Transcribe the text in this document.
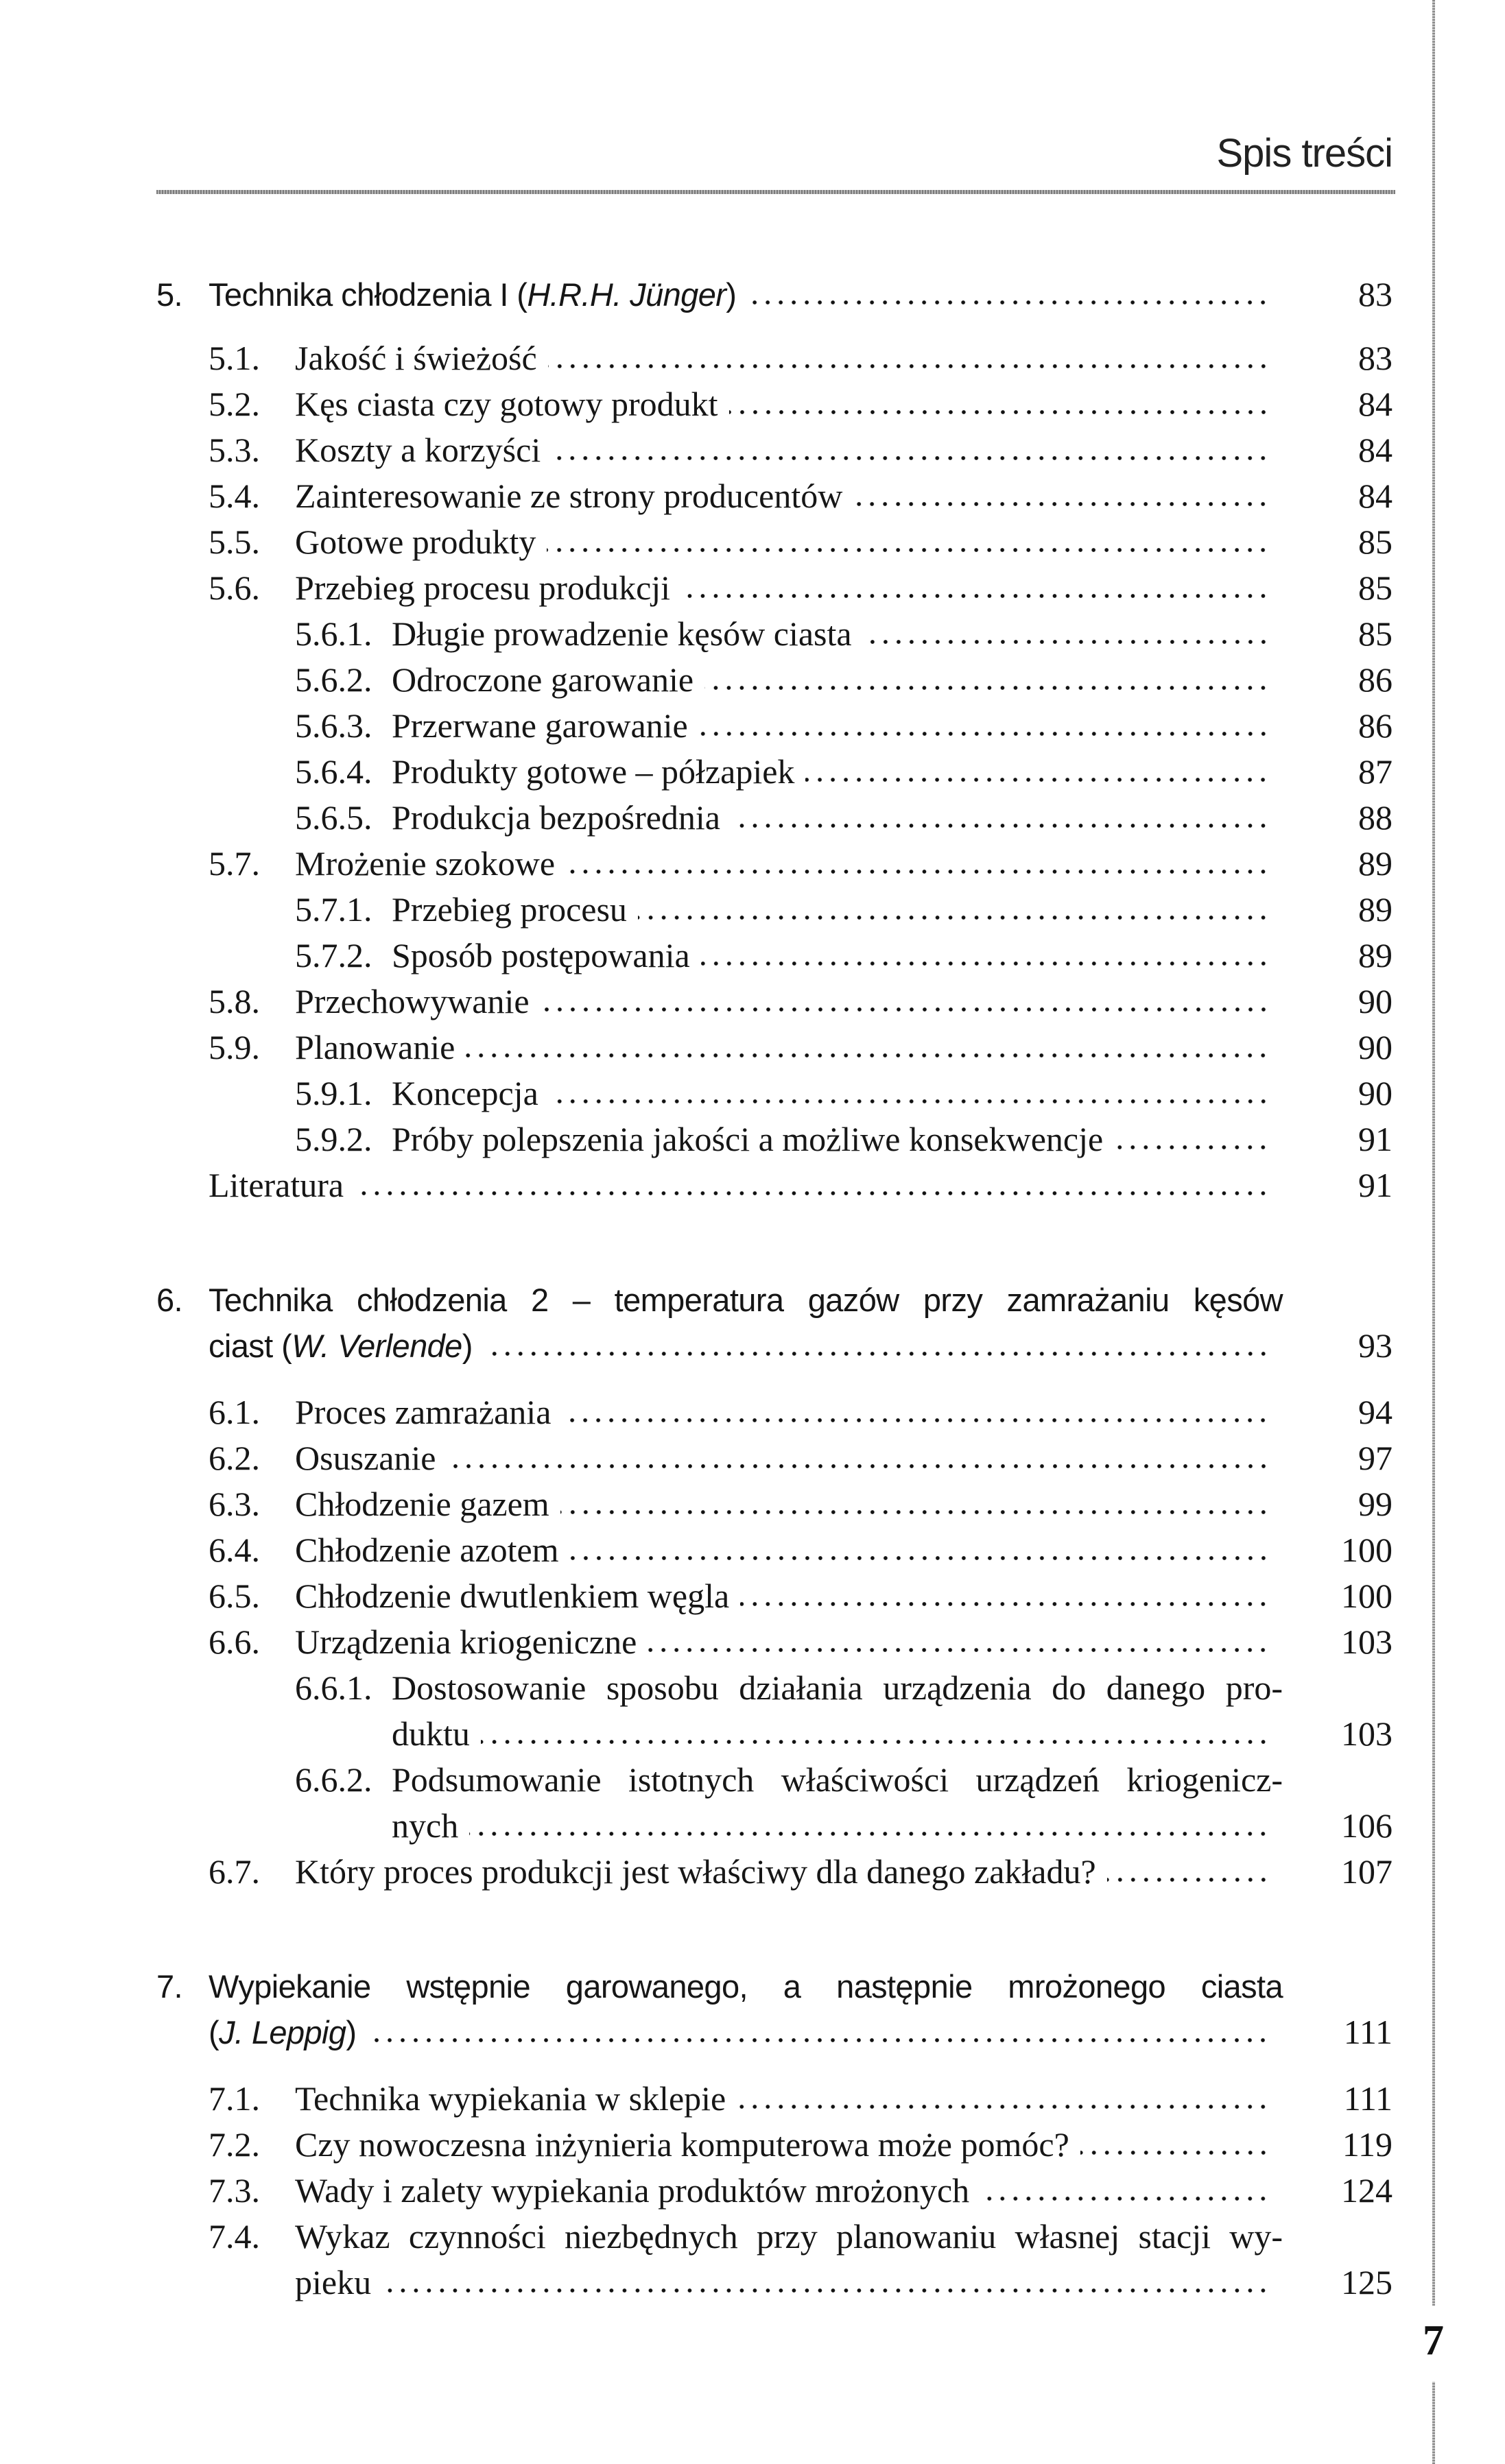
Spis treści
7
5. Technika chłodzenia I (H.R.H. Jünger)	83
5.1.	Jakość i świeżość	83
5.2.	Kęs ciasta czy gotowy produkt	84
5.3.	Koszty a korzyści	84
5.4.	Zainteresowanie ze strony producentów	84
5.5.	Gotowe produkty	85
5.6.	Przebieg procesu produkcji	85
5.6.1. Długie prowadzenie kęsów ciasta	85
5.6.2. Odroczone garowanie	86
5.6.3. Przerwane garowanie	86
5.6.4. Produkty gotowe – półzapiek	87
5.6.5. Produkcja bezpośrednia	88
5.7.	Mrożenie szokowe	89
5.7.1. Przebieg procesu	89
5.7.2. Sposób postępowania	89
5.8.	Przechowywanie	90
5.9.	Planowanie	90
5.9.1. Koncepcja	90
5.9.2. Próby polepszenia jakości a możliwe konsekwencje	91
Literatura	91
6. Technika chłodzenia 2 – temperatura gazów przy zamrażaniu kęsów
ciast (W. Verlende)	93
6.1.	Proces zamrażania	94
6.2.	Osuszanie	97
6.3.	Chłodzenie gazem	99
6.4.	Chłodzenie azotem	100
6.5.	Chłodzenie dwutlenkiem węgla	100
6.6.	Urządzenia kriogeniczne	103
6.6.1. Dostosowanie sposobu działania urządzenia do danego pro-
duktu	103
6.6.2. Podsumowanie istotnych właściwości urządzeń kriogenicz-
nych	106
6.7.	Który proces produkcji jest właściwy dla danego zakładu?	107
7. Wypiekanie wstępnie garowanego, a następnie mrożonego ciasta
(J. Leppig)	111
7.1.	Technika wypiekania w sklepie	111
7.2.	Czy nowoczesna inżynieria komputerowa może pomóc?	119
7.3.	Wady i zalety wypiekania produktów mrożonych	124
7.4.	Wykaz czynności niezbędnych przy planowaniu własnej stacji wy-
pieku	125
